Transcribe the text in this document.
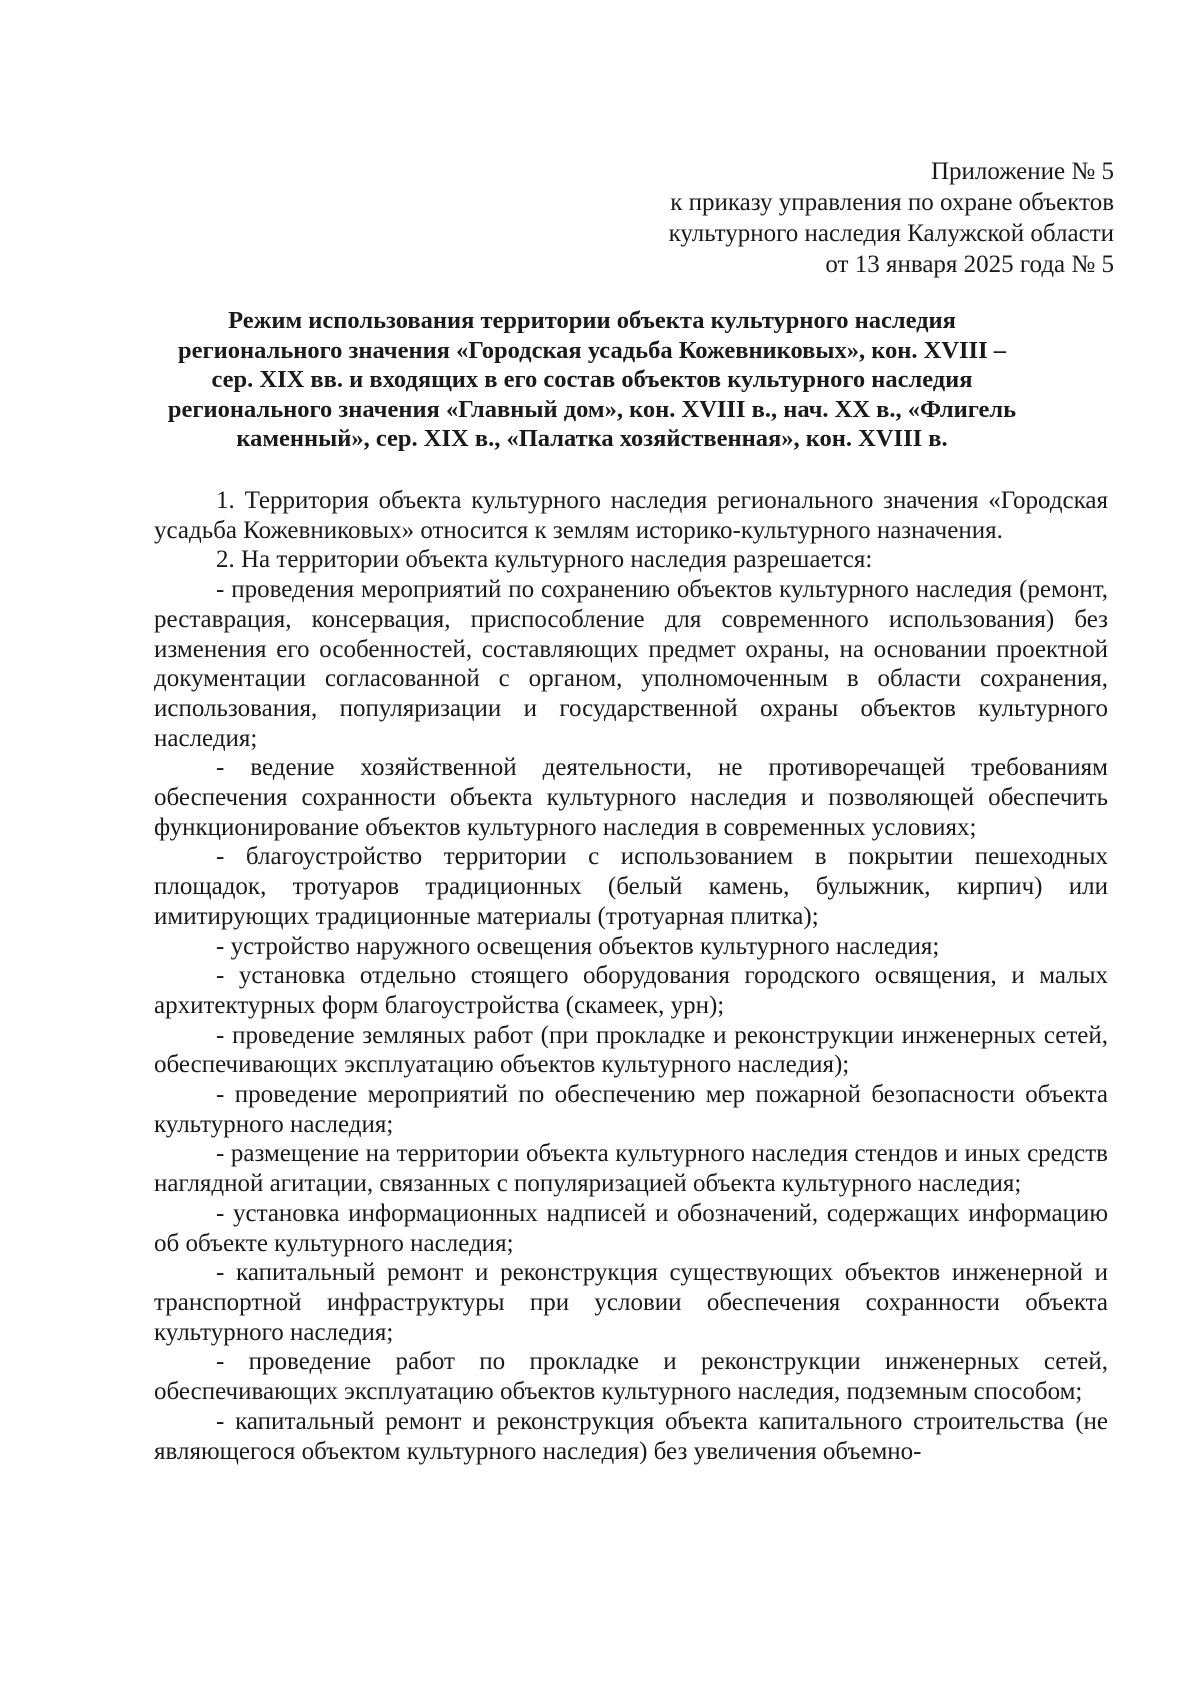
Приложение № 5
к приказу управления по охране объектов
культурного наследия Калужской области
от 13 января 2025 года № 5
Режим использования территории объекта культурного наследия
регионального значения «Городская усадьба Кожевниковых», кон. XVIII –
сер. XIX вв. и входящих в его состав объектов культурного наследия
регионального значения «Главный дом», кон. XVIII в., нач. XX в., «Флигель
каменный», сер. XIX в., «Палатка хозяйственная», кон. XVIII в.

1. Территория объекта культурного наследия регионального значения «Городская усадьба Кожевниковых» относится к землям историко-культурного назначения.

2. На территории объекта культурного наследия разрешается:

- проведения мероприятий по сохранению объектов культурного наследия (ремонт, реставрация, консервация, приспособление для современного использования) без изменения его особенностей, составляющих предмет охраны, на основании проектной документации согласованной с органом, уполномоченным в области сохранения, использования, популяризации и государственной охраны объектов культурного наследия;

- ведение хозяйственной деятельности, не противоречащей требованиям обеспечения сохранности объекта культурного наследия и позволяющей обеспечить функционирование объектов культурного наследия в современных условиях;

- благоустройство территории с использованием в покрытии пешеходных площадок, тротуаров традиционных (белый камень, булыжник, кирпич) или имитирующих традиционные материалы (тротуарная плитка);

- устройство наружного освещения объектов культурного наследия;

- установка отдельно стоящего оборудования городского освящения, и малых архитектурных форм благоустройства (скамеек, урн);

- проведение земляных работ (при прокладке и реконструкции инженерных сетей, обеспечивающих эксплуатацию объектов культурного наследия);

- проведение мероприятий по обеспечению мер пожарной безопасности объекта культурного наследия;

- размещение на территории объекта культурного наследия стендов и иных средств наглядной агитации, связанных с популяризацией объекта культурного наследия;

- установка информационных надписей и обозначений, содержащих информацию об объекте культурного наследия;

- капитальный ремонт и реконструкция существующих объектов инженерной и транспортной инфраструктуры при условии обеспечения сохранности объекта культурного наследия;

- проведение работ по прокладке и реконструкции инженерных сетей, обеспечивающих эксплуатацию объектов культурного наследия, подземным способом;

- капитальный ремонт и реконструкция объекта капитального строительства (не являющегося объектом культурного наследия) без увеличения объемно-
